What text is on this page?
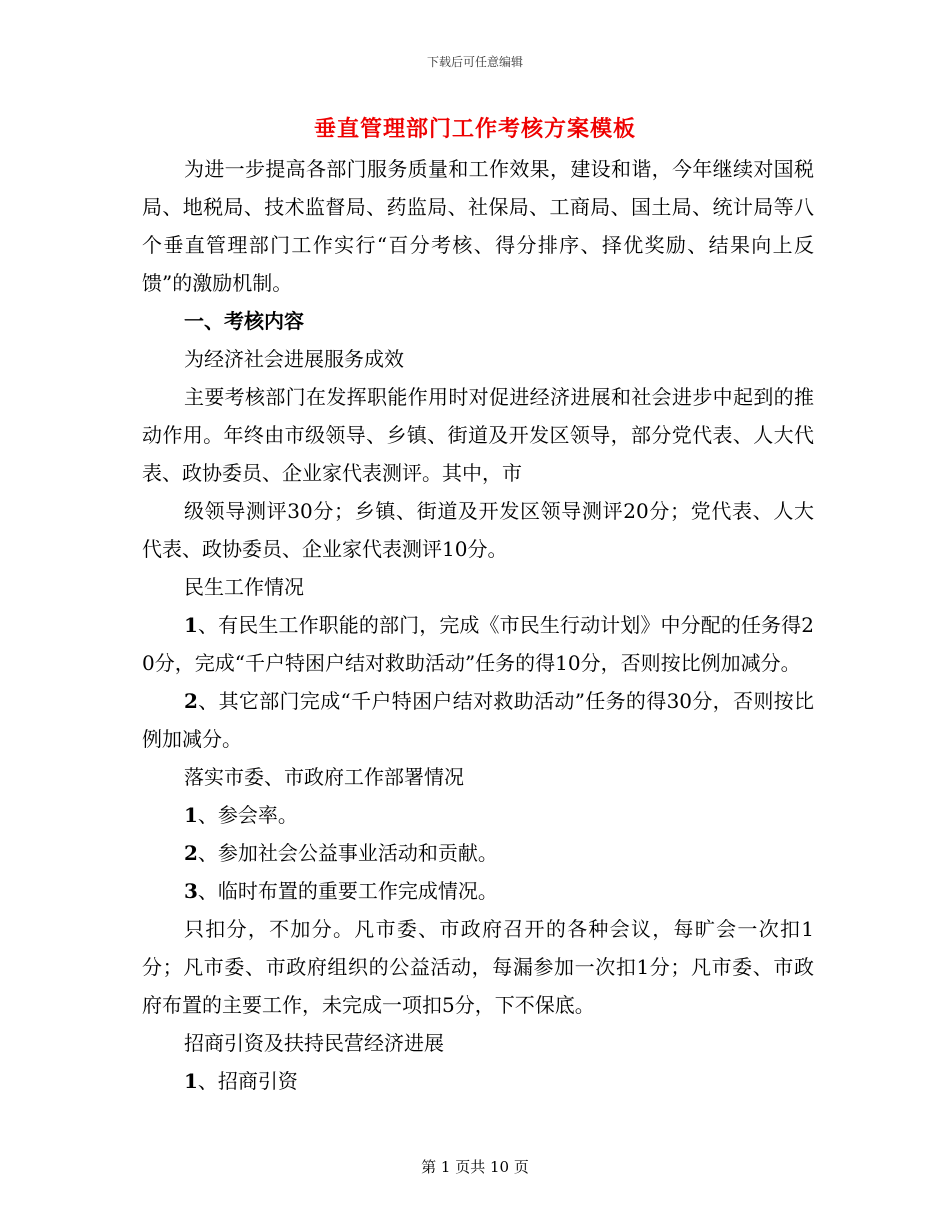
下载后可任意编辑
垂直管理部门工作考核方案模板

为进一步提高各部门服务质量和工作效果，建设和谐，今年继续对国税局、地税局、技术监督局、药监局、社保局、工商局、国土局、统计局等八个垂直管理部门工作实行“百分考核、得分排序、择优奖励、结果向上反馈”的激励机制。

一、考核内容

为经济社会进展服务成效

主要考核部门在发挥职能作用时对促进经济进展和社会进步中起到的推动作用。年终由市级领导、乡镇、街道及开发区领导，部分党代表、人大代表、政协委员、企业家代表测评。其中，市

级领导测评30分；乡镇、街道及开发区领导测评20分；党代表、人大代表、政协委员、企业家代表测评10分。

民生工作情况

1、有民生工作职能的部门，完成《市民生行动计划》中分配的任务得20分，完成“千户特困户结对救助活动”任务的得10分，否则按比例加减分。

2、其它部门完成“千户特困户结对救助活动”任务的得30分，否则按比例加减分。

落实市委、市政府工作部署情况

1、参会率。

2、参加社会公益事业活动和贡献。

3、临时布置的重要工作完成情况。

只扣分，不加分。凡市委、市政府召开的各种会议，每旷会一次扣1分；凡市委、市政府组织的公益活动，每漏参加一次扣1分；凡市委、市政府布置的主要工作，未完成一项扣5分，下不保底。

招商引资及扶持民营经济进展

1、招商引资

第 1 页共 10 页
